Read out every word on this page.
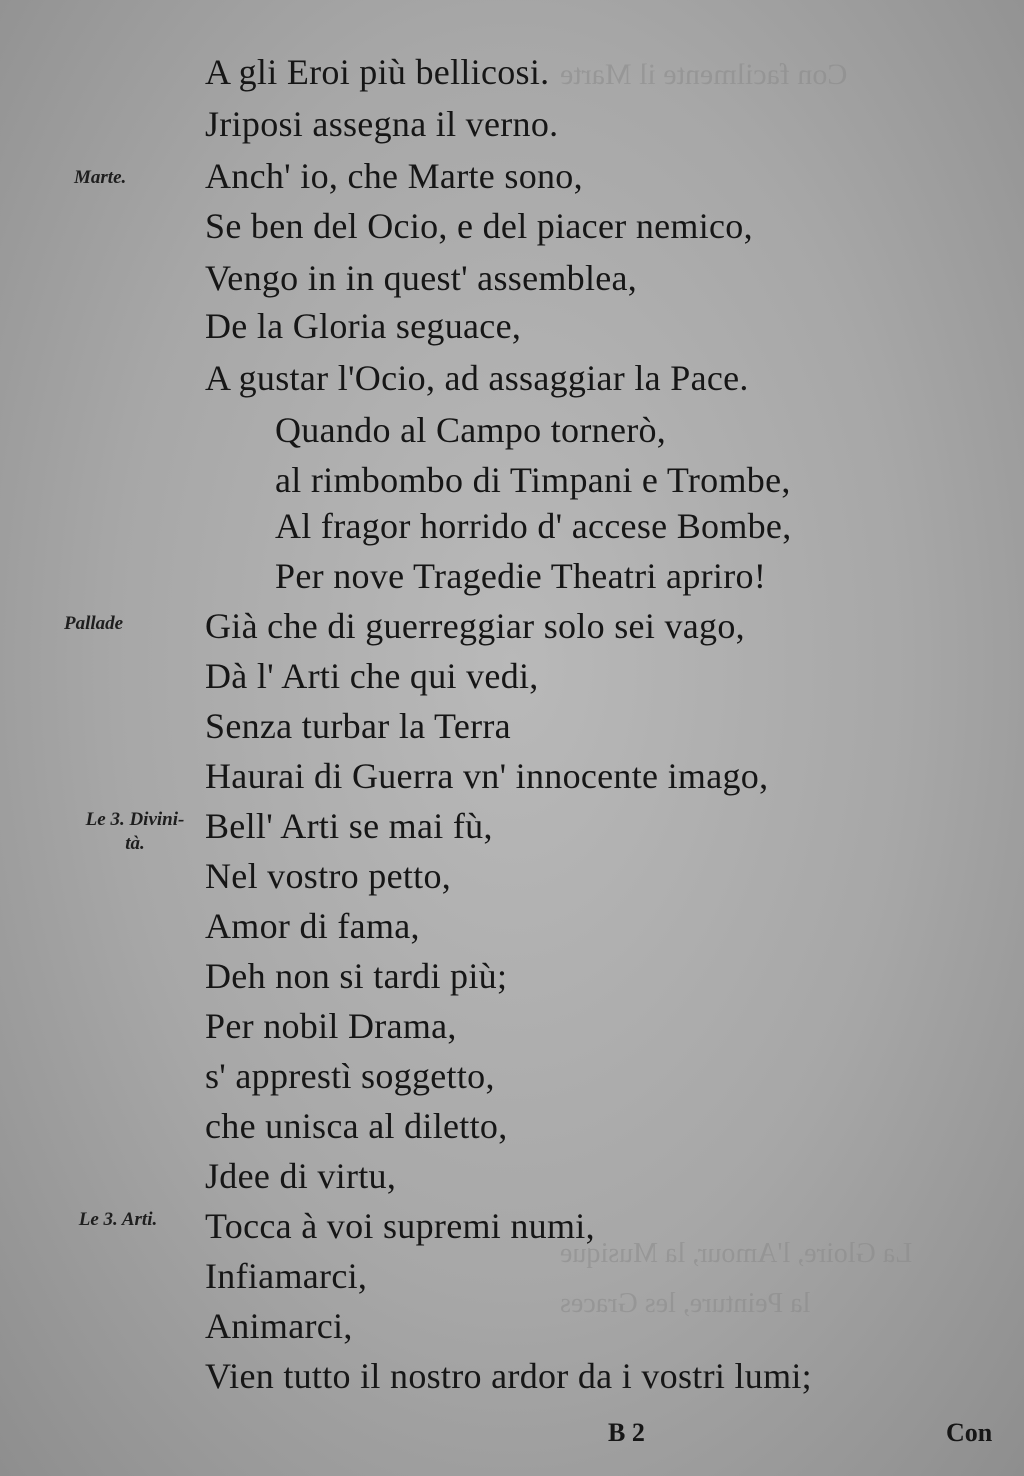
Con facilmente il Marte
La Gloire, l'Amour, la Musique
la Peinture, les Graces

A gli Eroi più bellicosi.

Jriposi assegna il verno.

Marte.	Anch' io, che Marte sono,

Se ben del Ocio, e del piacer nemico,

Vengo in in quest' assemblea,

De la Gloria seguace,

A gustar l'Ocio, ad assaggiar la Pace.

Quando al Campo tornerò,

al rimbombo di Timpani e Trombe,

Al fragor horrido d' accese Bombe,

Per nove Tragedie Theatri apriro!

Pallade	Già che di guerreggiar solo sei vago,

Dà l' Arti che qui vedi,

Senza turbar la Terra

Haurai di Guerra vn' innocente imago,

Le 3. Divini- tà.	Bell' Arti se mai fù,

Nel vostro petto,

Amor di fama,

Deh non si tardi più;

Per nobil Drama,

s' apprestì soggetto,

che unisca al diletto,

Jdee di virtu,

Le 3. Arti. Tocca à voi supremi numi,

Infiamarci,

Animarci,

Vien tutto il nostro ardor da i vostri lumi;

B 2	Con
